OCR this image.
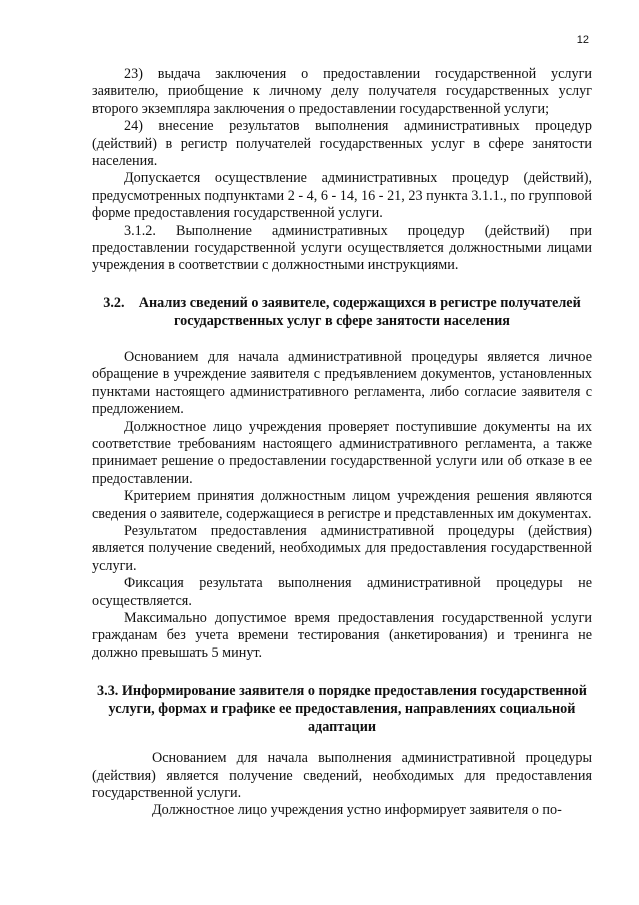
12

23) выдача заключения о предоставлении государственной услуги заявителю, приобщение к личному делу получателя государственных услуг второго экземпляра заключения о предоставлении государственной услуги;

24) внесение результатов выполнения административных процедур (действий) в регистр получателей государственных услуг в сфере занятости населения.

Допускается осуществление административных процедур (действий), предусмотренных подпунктами 2 - 4, 6 - 14, 16 - 21, 23 пункта 3.1.1., по групповой форме предоставления государственной услуги.

3.1.2. Выполнение административных процедур (действий) при предоставлении государственной услуги осуществляется должностными лицами учреждения в соответствии с должностными инструкциями.

3.2.    Анализ сведений о заявителе, содержащихся в регистре получателей государственных услуг в сфере занятости населения

Основанием для начала административной процедуры является личное обращение в учреждение заявителя с предъявлением документов, установленных пунктами настоящего административного регламента, либо согласие заявителя с предложением.

Должностное лицо учреждения проверяет поступившие документы на их соответствие требованиям настоящего административного регламента, а также принимает решение о предоставлении государственной услуги или об отказе в ее предоставлении.

Критерием принятия должностным лицом учреждения решения являются сведения о заявителе, содержащиеся в регистре и представленных им документах.

Результатом предоставления административной процедуры (действия) является получение сведений, необходимых для предоставления государственной услуги.

Фиксация результата выполнения административной процедуры не осуществляется.

Максимально допустимое время предоставления государственной услуги гражданам без учета времени тестирования (анкетирования) и тренинга не должно превышать 5 минут.

3.3. Информирование заявителя о порядке предоставления государственной услуги, формах и графике ее предоставления, направлениях социальной адаптации

Основанием для начала выполнения административной процедуры (действия) является получение сведений, необходимых для предоставления государственной услуги.

Должностное лицо учреждения устно информирует заявителя о по-
